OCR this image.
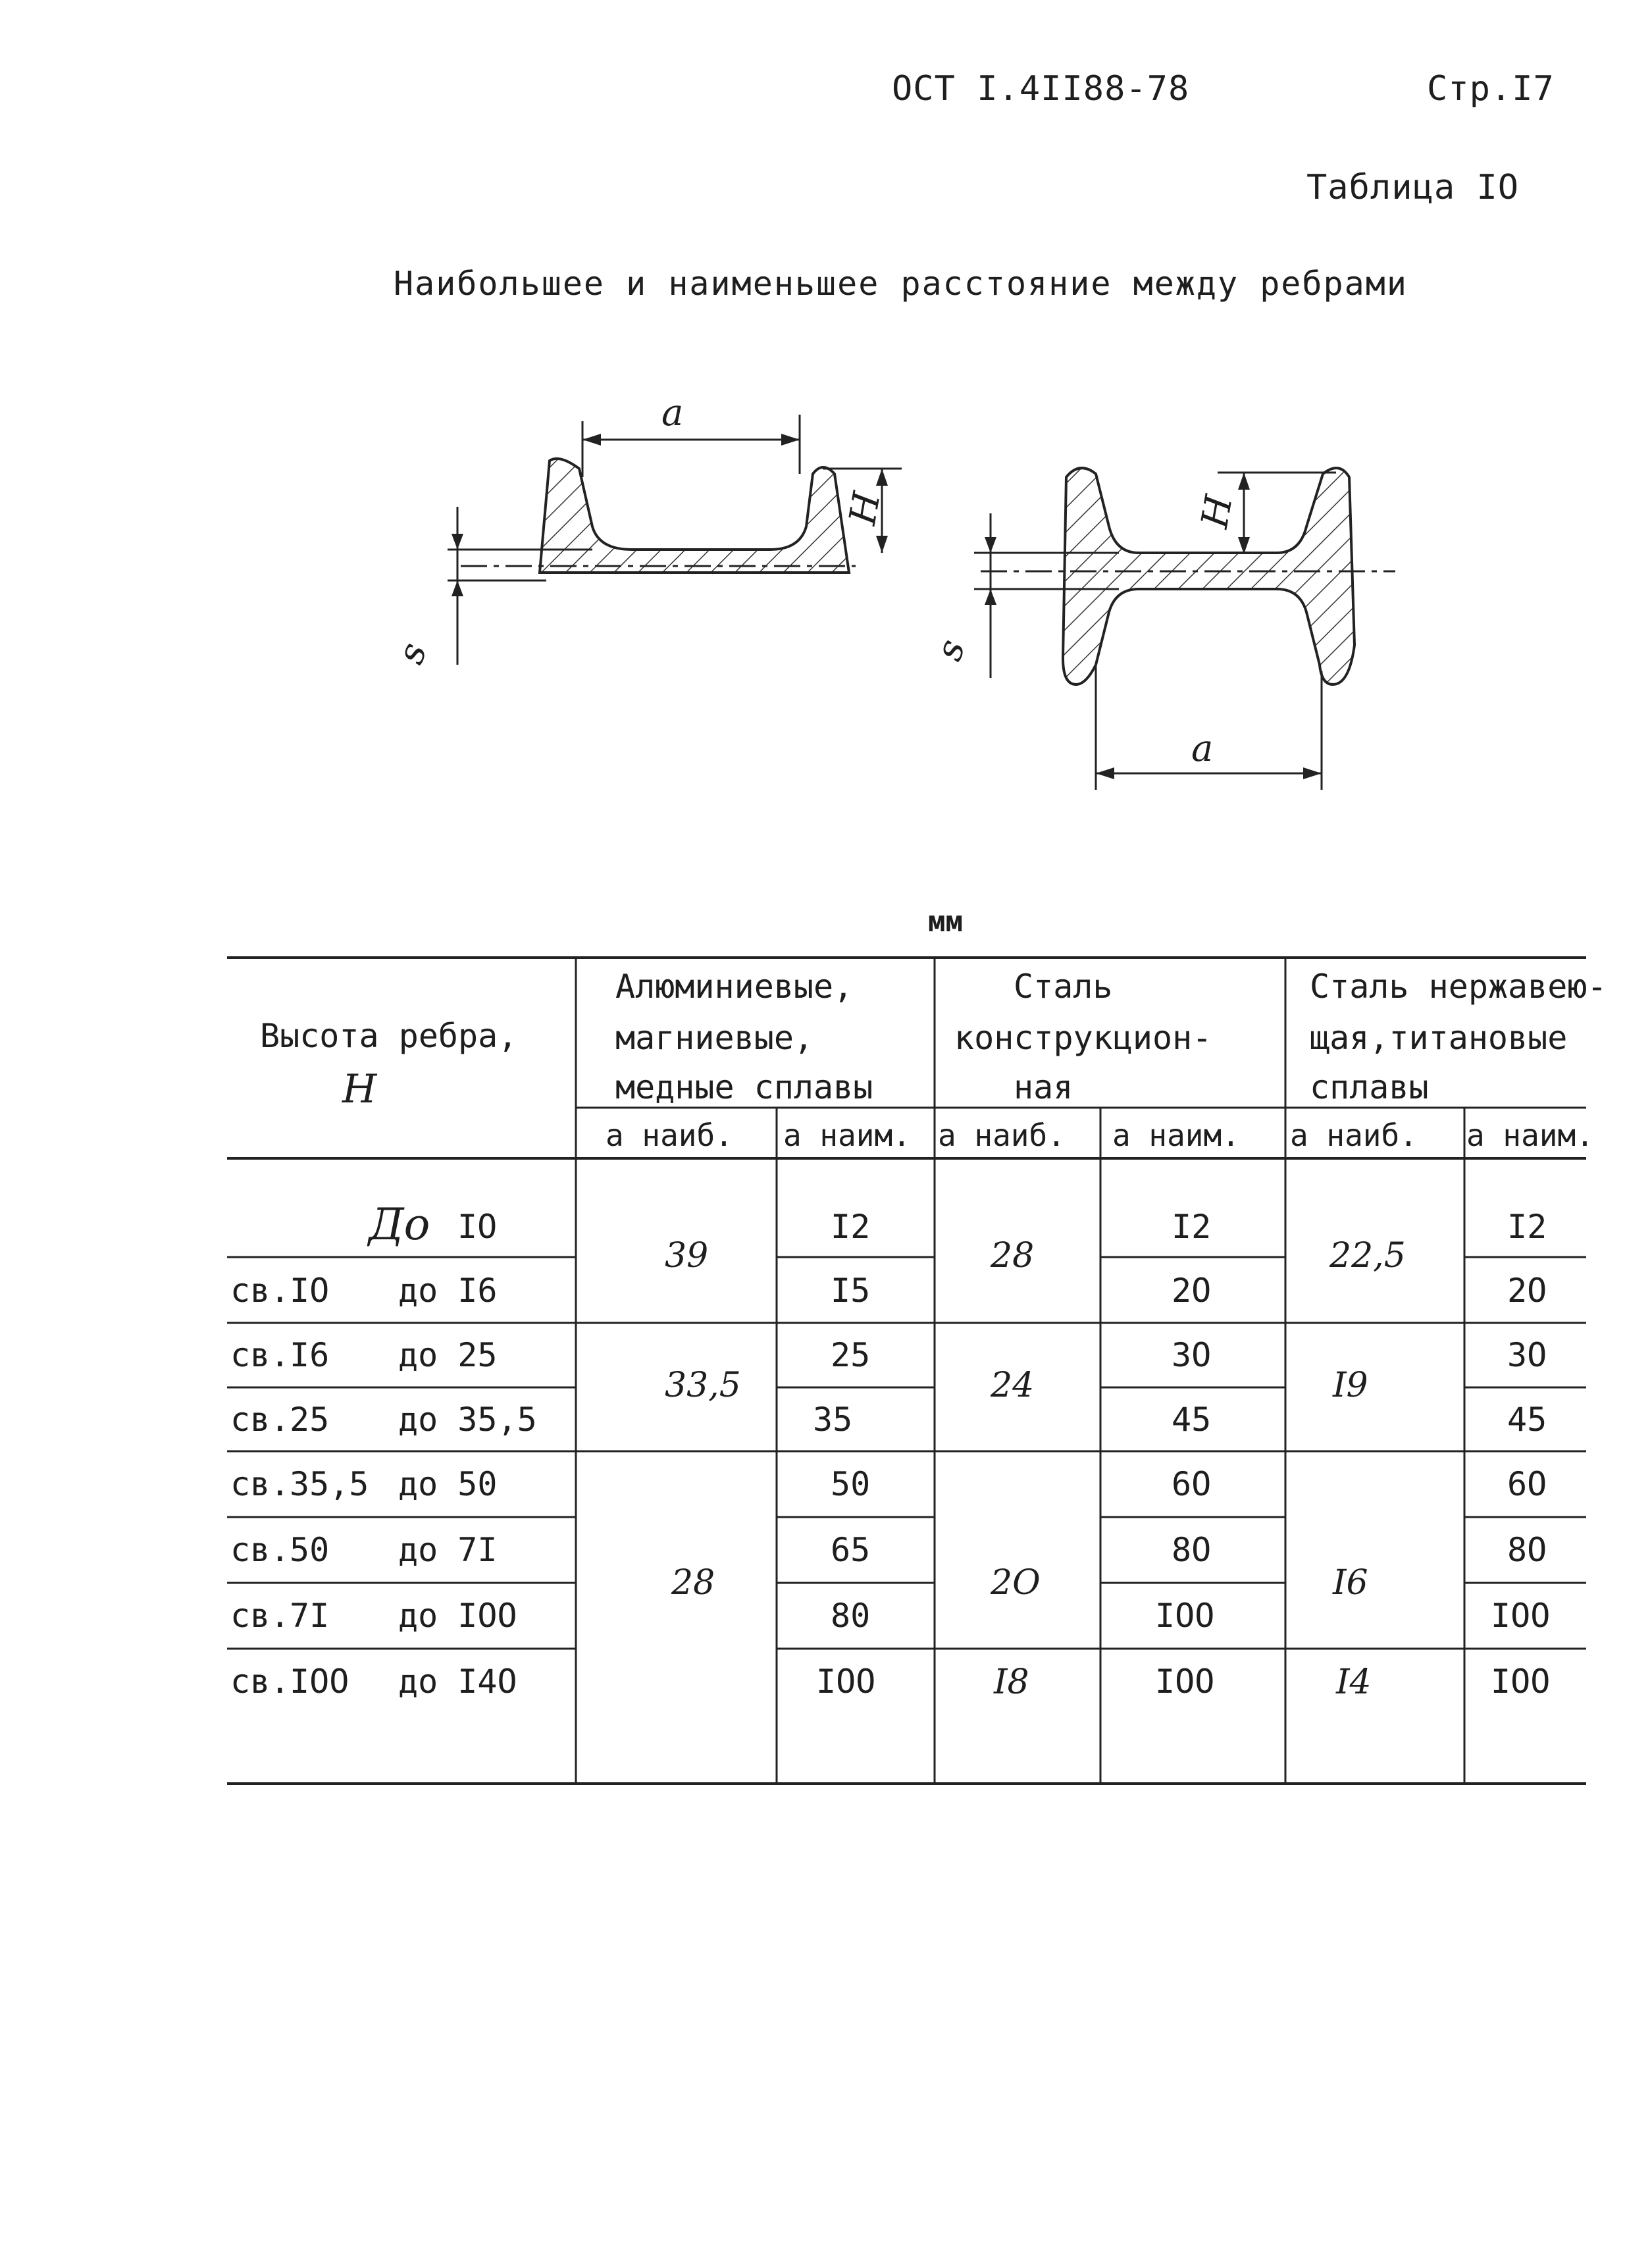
ОСТ I.4II88-78	Стр.I7
Таблица IО
Наибольшее и наименьшее расстояние между ребрами
a
H
s
H
s
a
мм
Высота ребра,
H
Алюминиевые,
магниевые,
медные сплавы
Сталь
конструкцион-
ная
Сталь нержавею-
щая,титановые
сплавы
a наиб. a наим. a наиб. a наим. a наиб. a наим.
До IО
св. IО до I6
св. I6 до 25
св. 25 до 35,5
св. 35,5 до 50
св. 50 до 7I
св. 7I до IОО
св. IОО до I4О
39
33,5
28
I2
I5
25
35
50
65
80
IОО
28
24
2О
I8
I2
2О
3О
45
6О
8О
IОО
IОО
22,5
I9
I6
I4
I2
2О
3О
45
6О
8О
IОО
IОО
